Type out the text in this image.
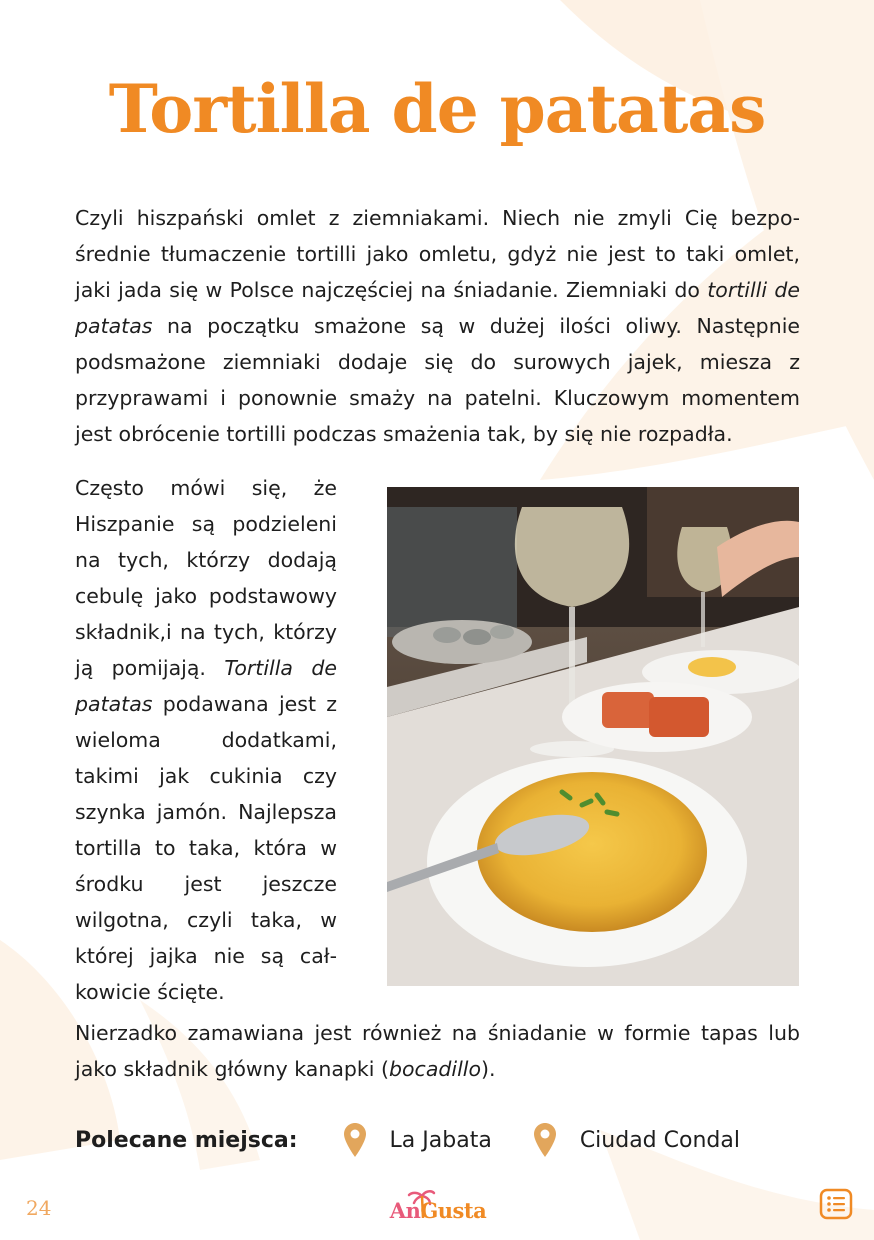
Tortilla de patatas

Czyli hiszpański omlet z ziemniakami. Niech nie zmyli Cię bezpośrednie tłumaczenie tortilli jako omletu, gdyż nie jest to taki omlet, jaki jada się w Polsce najczęściej na śniadanie. Ziemniaki do tortilli de patatas na początku smażone są w dużej ilości oliwy. Następnie podsmażone ziemniaki dodaje się do surowych jajek, miesza z przyprawami i ponownie smaży na patelni. Kluczowym momentem jest obrócenie tortilli podczas smażenia tak, by się nie rozpadła.

Często mówi się, że Hiszpanie są podzieleni na tych, którzy dodają cebulę jako podstawowy składnik,i na tych, którzy ją pomijają. Tortilla de patatas podawana jest z wieloma dodatkami, takimi jak cukinia czy szynka jamón. Najlepsza tortilla to taka, która w środku jest jeszcze wilgotna, czyli taka, w której jajka nie są całkowicie ścięte.

Nierzadko zamawiana jest również na śniadanie w formie tapas lub jako składnik główny kanapki (bocadillo).

Polecane miejsca:	La Jabata	Ciudad Condal
24	AnGusta
